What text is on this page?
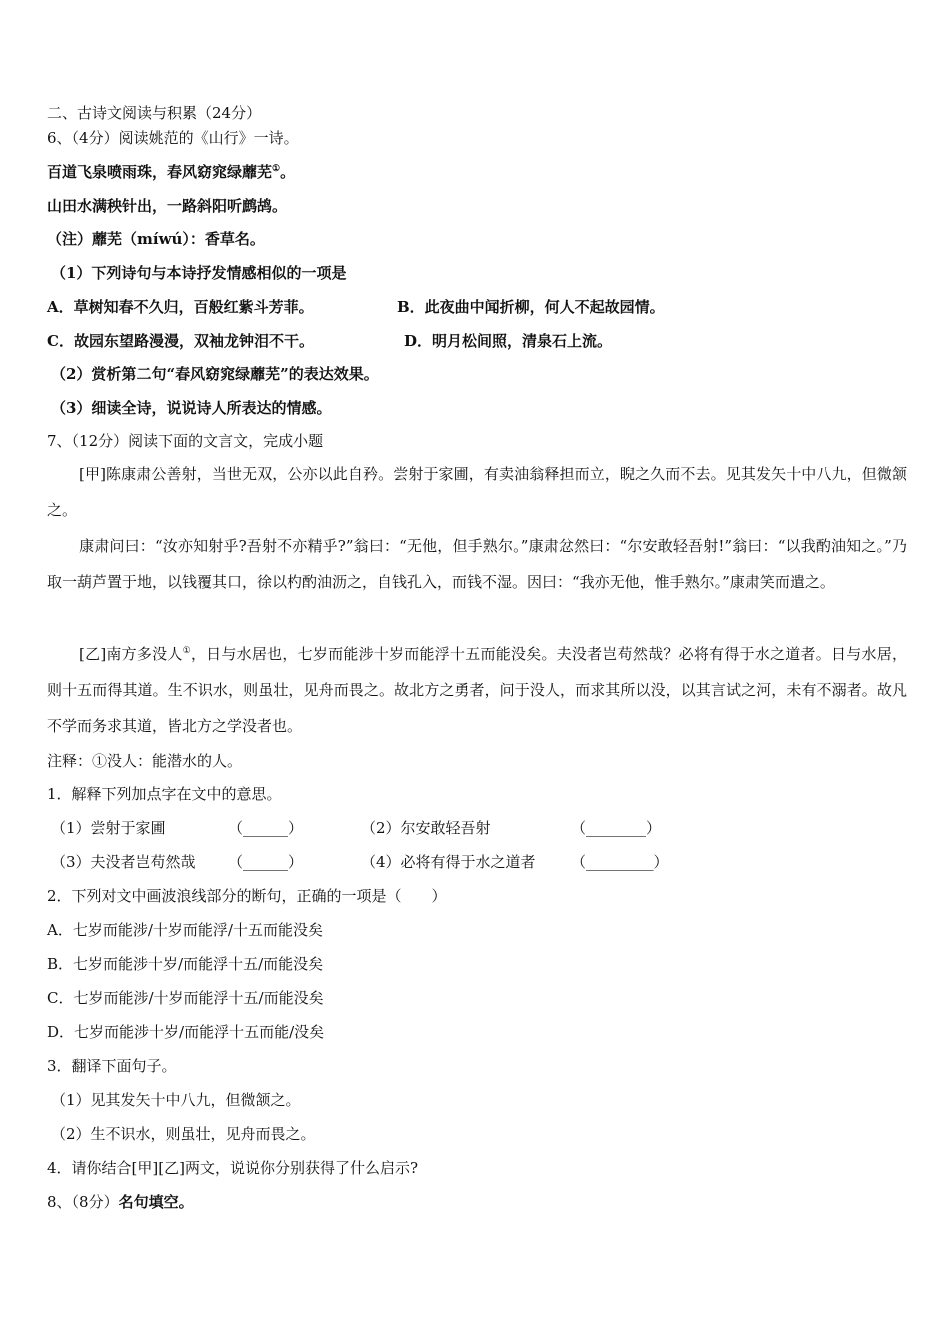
二、古诗文阅读与积累（24分）
6、（4分）阅读姚范的《山行》一诗。
百道飞泉喷雨珠，春风窈窕绿蘼芜①。
山田水满秧针出，一路斜阳听鹧鸪。
（注）蘼芜（míwú）：香草名。
（1）下列诗句与本诗抒发情感相似的一项是
A．草树知春不久归，百般红紫斗芳菲。	B．此夜曲中闻折柳，何人不起故园情。
C．故园东望路漫漫，双袖龙钟泪不干。	D．明月松间照，清泉石上流。
（2）赏析第二句“春风窈窕绿蘼芜”的表达效果。
（3）细读全诗，说说诗人所表达的情感。
7、（12分）阅读下面的文言文，完成小题
[甲]陈康肃公善射，当世无双，公亦以此自矜。尝射于家圃，有卖油翁释担而立，睨之久而不去。见其发矢十中八九，但微颔之。
康肃问曰：“汝亦知射乎?吾射不亦精乎?”翁曰：“无他，但手熟尔。”康肃忿然曰：“尔安敢轻吾射!”翁曰：“以我酌油知之。”乃取一葫芦置于地，以钱覆其口，徐以杓酌油沥之，自钱孔入，而钱不湿。因曰：“我亦无他，惟手熟尔。”康肃笑而遣之。
[乙]南方多没人①，日与水居也，七岁而能涉十岁而能浮十五而能没矣。夫没者岂苟然哉？必将有得于水之道者。日与水居，则十五而得其道。生不识水，则虽壮，见舟而畏之。故北方之勇者，问于没人，而求其所以没，以其言试之河，未有不溺者。故凡不学而务求其道，皆北方之学没者也。
注释：①没人：能潜水的人。
1．解释下列加点字在文中的意思。
（1）尝射于家圃	（______）	（2）尔安敢轻吾射	（________）
（3）夫没者岂苟然哉 （______）	（4）必将有得于水之道者 （_________）
2．下列对文中画波浪线部分的断句，正确的一项是（　　）
A．七岁而能涉/十岁而能浮/十五而能没矣
B．七岁而能涉十岁/而能浮十五/而能没矣
C．七岁而能涉/十岁而能浮十五/而能没矣
D．七岁而能涉十岁/而能浮十五而能/没矣
3．翻译下面句子。
（1）见其发矢十中八九，但微颔之。
（2）生不识水，则虽壮，见舟而畏之。
4．请你结合[甲][乙]两文，说说你分别获得了什么启示?
8、（8分）名句填空。
